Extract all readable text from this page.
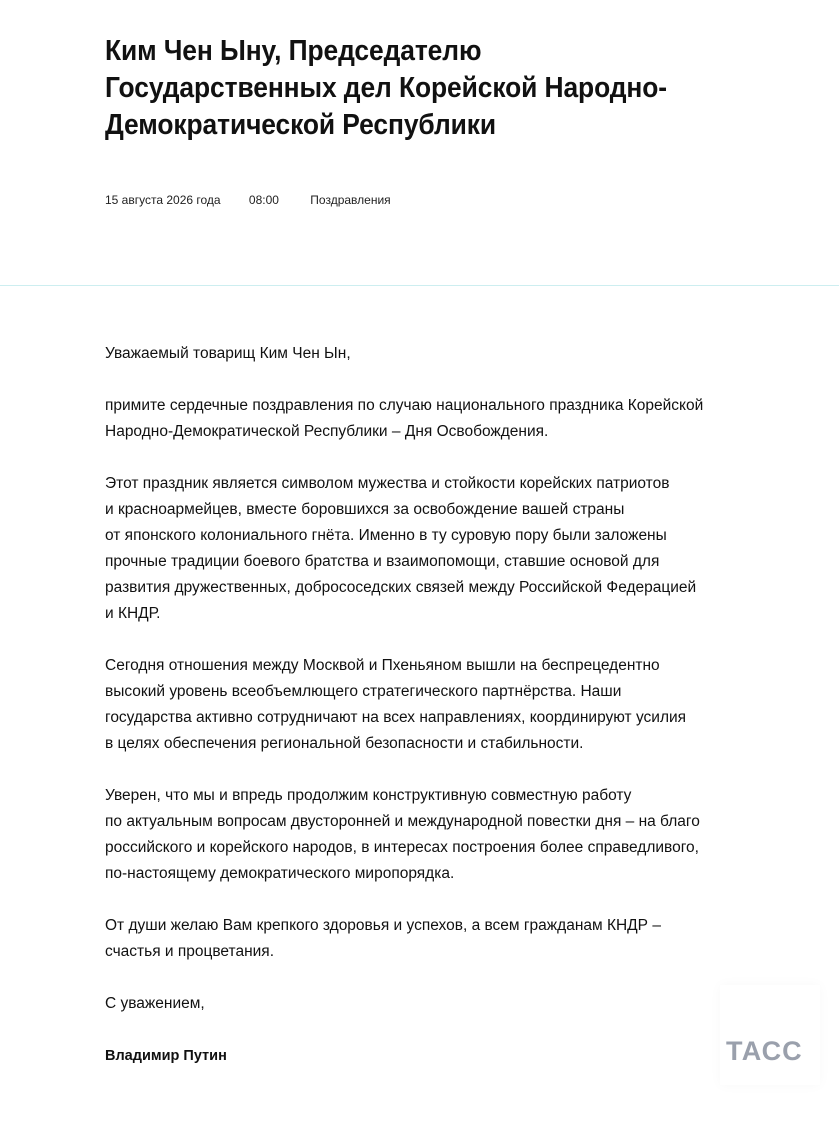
Ким Чен Ыну, Председателю Государственных дел Корейской Народно-Демократической Республики
15 августа 2026 года 08:00	Поздравления

Уважаемый товарищ Ким Чен Ын,

примите сердечные поздравления по случаю национального праздника Корейской
Народно-Демократической Республики – Дня Освобождения.

Этот праздник является символом мужества и стойкости корейских патриотов
и красноармейцев, вместе боровшихся за освобождение вашей страны
от японского колониального гнёта. Именно в ту суровую пору были заложены
прочные традиции боевого братства и взаимопомощи, ставшие основой для
развития дружественных, добрососедских связей между Российской Федерацией
и КНДР.

Сегодня отношения между Москвой и Пхеньяном вышли на беспрецедентно
высокий уровень всеобъемлющего стратегического партнёрства. Наши
государства активно сотрудничают на всех направлениях, координируют усилия
в целях обеспечения региональной безопасности и стабильности.

Уверен, что мы и впредь продолжим конструктивную совместную работу
по актуальным вопросам двусторонней и международной повестки дня – на благо
российского и корейского народов, в интересах построения более справедливого,
по-настоящему демократического миропорядка.

От души желаю Вам крепкого здоровья и успехов, а всем гражданам КНДР –
счастья и процветания.

С уважением,

Владимир Путин	ТАСС
